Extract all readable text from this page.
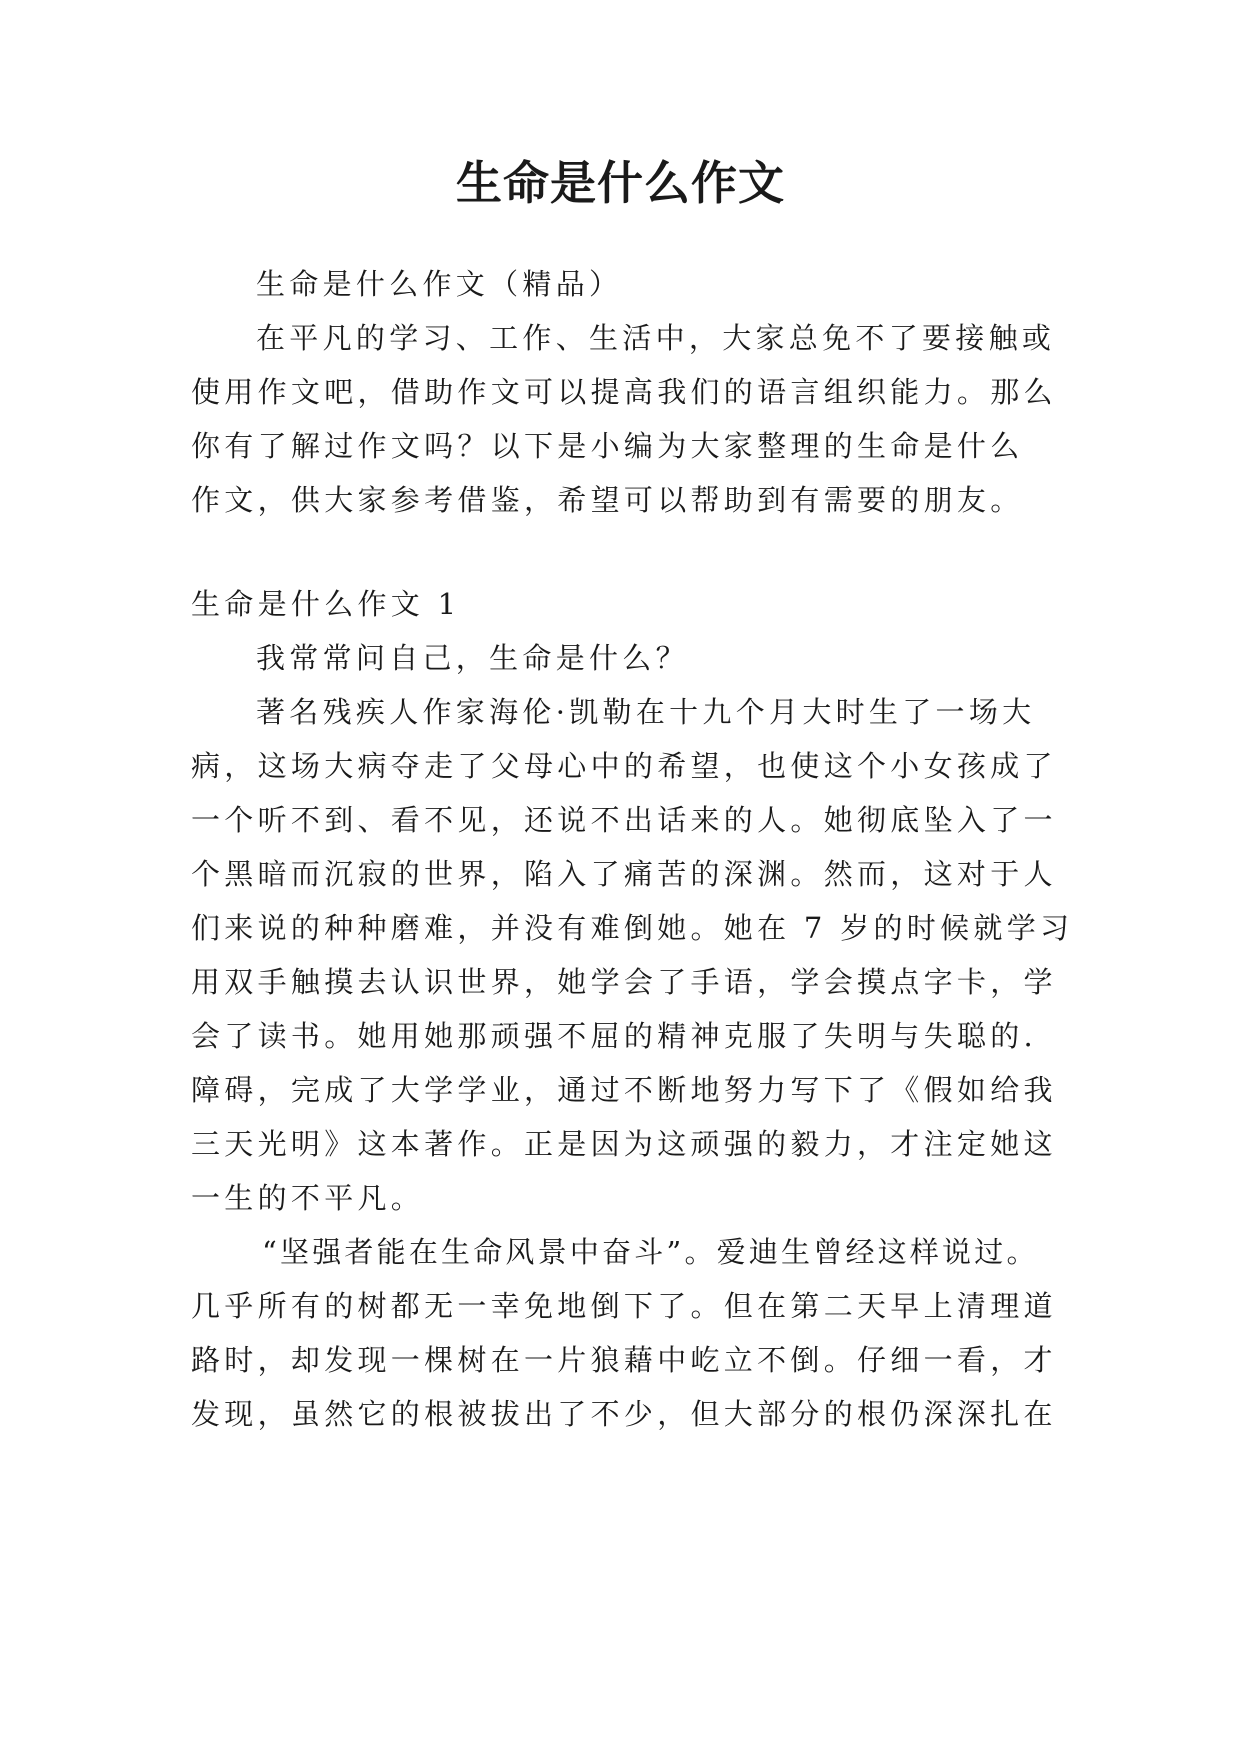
生命是什么作文
生命是什么作文（精品）
在平凡的学习、工作、生活中，大家总免不了要接触或
使用作文吧，借助作文可以提高我们的语言组织能力。那么
你有了解过作文吗？以下是小编为大家整理的生命是什么
作文，供大家参考借鉴，希望可以帮助到有需要的朋友。
生命是什么作文 1
我常常问自己，生命是什么？
著名残疾人作家海伦·凯勒在十九个月大时生了一场大
病，这场大病夺走了父母心中的希望，也使这个小女孩成了
一个听不到、看不见，还说不出话来的人。她彻底坠入了一
个黑暗而沉寂的世界，陷入了痛苦的深渊。然而，这对于人
们来说的种种磨难，并没有难倒她。她在 7 岁的时候就学习
用双手触摸去认识世界，她学会了手语，学会摸点字卡，学
会了读书。她用她那顽强不屈的精神克服了失明与失聪的.
障碍，完成了大学学业，通过不断地努力写下了《假如给我
三天光明》这本著作。正是因为这顽强的毅力，才注定她这
一生的不平凡。
“坚强者能在生命风景中奋斗”。爱迪生曾经这样说过。
几乎所有的树都无一幸免地倒下了。但在第二天早上清理道
路时，却发现一棵树在一片狼藉中屹立不倒。仔细一看，才
发现，虽然它的根被拔出了不少，但大部分的根仍深深扎在
